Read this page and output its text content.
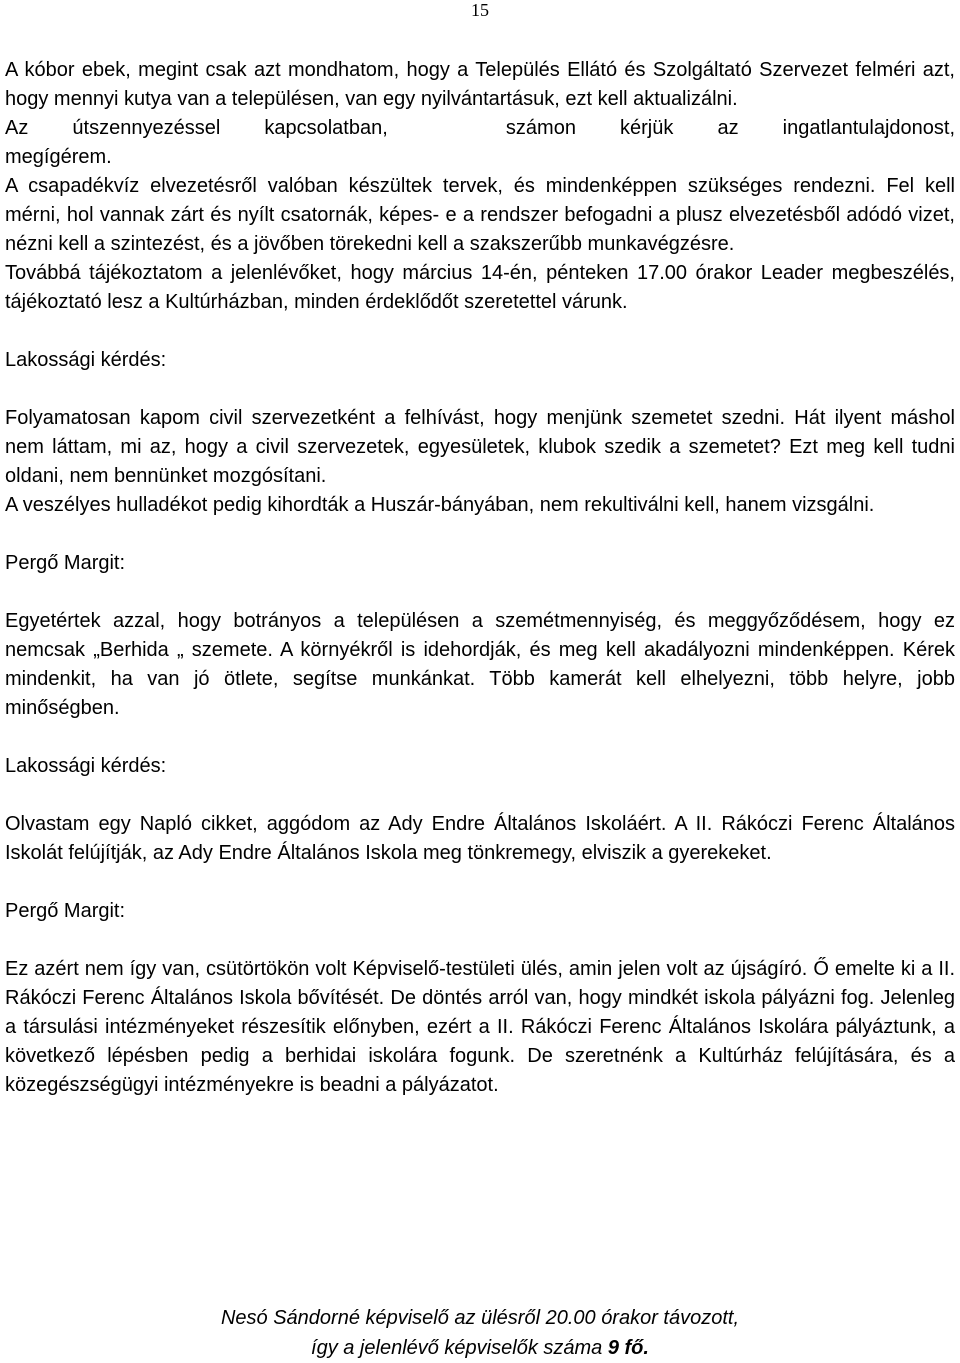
15

A kóbor ebek, megint csak azt mondhatom, hogy a Település Ellátó és Szolgáltató Szervezet felméri azt, hogy mennyi kutya van a településen, van egy nyilvántartásuk, ezt kell aktualizálni.

Az útszennyezéssel kapcsolatban,	számon kérjük az ingatlantulajdonost,

megígérem.

A csapadékvíz elvezetésről valóban készültek tervek, és mindenképpen szükséges rendezni. Fel kell mérni, hol vannak zárt és nyílt csatornák, képes- e a rendszer befogadni a plusz elvezetésből adódó vizet, nézni kell a szintezést, és a jövőben törekedni kell a szakszerűbb munkavégzésre.

Továbbá tájékoztatom a jelenlévőket, hogy március 14-én, pénteken 17.00 órakor Leader megbeszélés, tájékoztató lesz a Kultúrházban, minden érdeklődőt szeretettel várunk.

Lakossági kérdés:

Folyamatosan kapom civil szervezetként a felhívást, hogy menjünk szemetet szedni. Hát ilyent máshol nem láttam, mi az, hogy a civil szervezetek, egyesületek, klubok szedik a szemetet? Ezt meg kell tudni oldani, nem bennünket mozgósítani.

A veszélyes hulladékot pedig kihordták a Huszár-bányában, nem rekultiválni kell, hanem vizsgálni.

Pergő Margit:

Egyetértek azzal, hogy botrányos a településen a szemétmennyiség, és meggyőződésem, hogy ez nemcsak „Berhida „ szemete. A környékről is idehordják, és meg kell akadályozni mindenképpen. Kérek mindenkit, ha van jó ötlete, segítse munkánkat. Több kamerát kell elhelyezni, több helyre, jobb minőségben.

Lakossági kérdés:

Olvastam egy Napló cikket, aggódom az Ady Endre Általános Iskoláért. A II. Rákóczi Ferenc Általános Iskolát felújítják, az Ady Endre Általános Iskola meg tönkremegy, elviszik a gyerekeket.

Pergő Margit:

Ez azért nem így van, csütörtökön volt Képviselő-testületi ülés, amin jelen volt az újságíró. Ő emelte ki a II. Rákóczi Ferenc Általános Iskola bővítését. De döntés arról van, hogy mindkét iskola pályázni fog. Jelenleg a társulási intézményeket részesítik előnyben, ezért a II. Rákóczi Ferenc Általános Iskolára pályáztunk, a következő lépésben pedig a berhidai iskolára fogunk. De szeretnénk a Kultúrház felújítására, és a közegészségügyi intézményekre is beadni a pályázatot.

Nesó Sándorné képviselő az ülésről 20.00 órakor távozott,
így a jelenlévő képviselők száma 9 fő.
